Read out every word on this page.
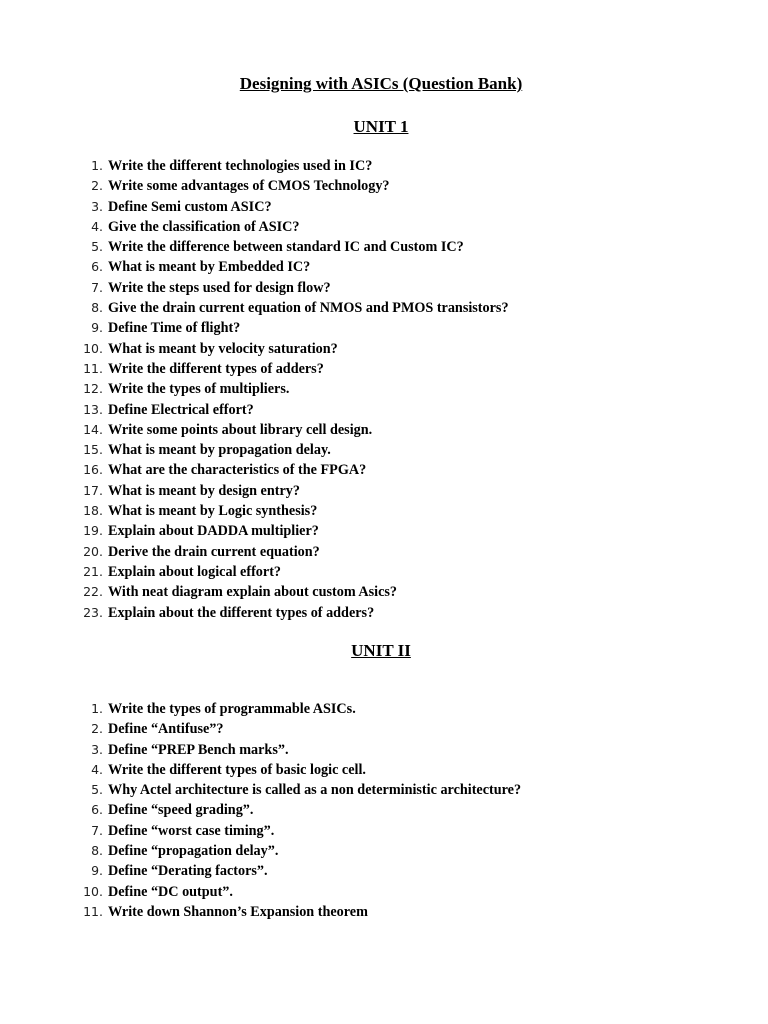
Designing with ASICs (Question Bank)
UNIT 1
1. Write the different technologies used in IC?
2. Write some advantages of CMOS Technology?
3. Define Semi custom ASIC?
4. Give the classification of ASIC?
5. Write the difference between standard IC and Custom IC?
6. What is meant by Embedded IC?
7. Write the steps used for design flow?
8. Give the drain current equation of NMOS and PMOS transistors?
9. Define Time of flight?
10. What is meant by velocity saturation?
11. Write the different types of adders?
12. Write the types of multipliers.
13. Define Electrical effort?
14. Write some points about library cell design.
15. What is meant by propagation delay.
16. What are the characteristics of the FPGA?
17. What is meant by design entry?
18. What is meant by Logic synthesis?
19. Explain about DADDA multiplier?
20. Derive the drain current equation?
21. Explain about logical effort?
22. With neat diagram explain about custom Asics?
23. Explain about the different types of adders?
UNIT II
1. Write the types of programmable ASICs.
2. Define “Antifuse”?
3. Define “PREP Bench marks”.
4. Write the different types of basic logic cell.
5. Why Actel architecture is called as a non deterministic architecture?
6. Define “speed grading”.
7. Define “worst case timing”.
8. Define “propagation delay”.
9. Define “Derating factors”.
10. Define “DC output”.
11. Write down Shannon’s Expansion theorem
